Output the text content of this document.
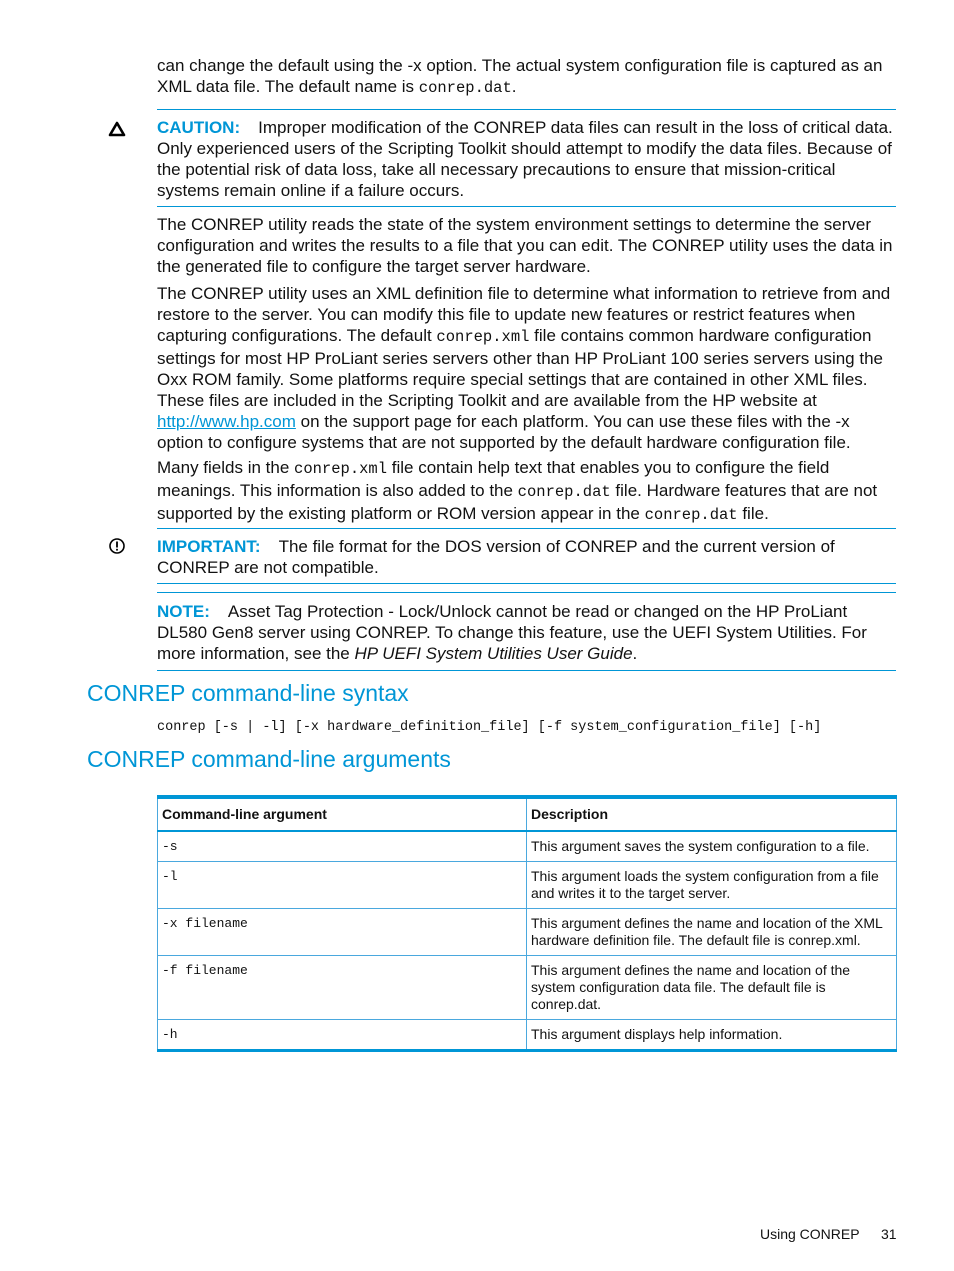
can change the default using the -x option. The actual system configuration file is captured as an XML data file. The default name is conrep.dat.
CAUTION: Improper modification of the CONREP data files can result in the loss of critical data. Only experienced users of the Scripting Toolkit should attempt to modify the data files. Because of the potential risk of data loss, take all necessary precautions to ensure that mission-critical systems remain online if a failure occurs.
The CONREP utility reads the state of the system environment settings to determine the server configuration and writes the results to a file that you can edit. The CONREP utility uses the data in the generated file to configure the target server hardware.
The CONREP utility uses an XML definition file to determine what information to retrieve from and restore to the server. You can modify this file to update new features or restrict features when capturing configurations. The default conrep.xml file contains common hardware configuration settings for most HP ProLiant series servers other than HP ProLiant 100 series servers using the Oxx ROM family. Some platforms require special settings that are contained in other XML files. These files are included in the Scripting Toolkit and are available from the HP website at http://www.hp.com on the support page for each platform. You can use these files with the -x option to configure systems that are not supported by the default hardware configuration file.
Many fields in the conrep.xml file contain help text that enables you to configure the field meanings. This information is also added to the conrep.dat file. Hardware features that are not supported by the existing platform or ROM version appear in the conrep.dat file.
IMPORTANT: The file format for the DOS version of CONREP and the current version of CONREP are not compatible.
NOTE: Asset Tag Protection - Lock/Unlock cannot be read or changed on the HP ProLiant DL580 Gen8 server using CONREP. To change this feature, use the UEFI System Utilities. For more information, see the HP UEFI System Utilities User Guide.
CONREP command-line syntax
conrep [-s | -l] [-x hardware_definition_file] [-f system_configuration_file] [-h]
CONREP command-line arguments
Command-line argument	Description
-s	This argument saves the system configuration to a file.
-l	This argument loads the system configuration from a file and writes it to the target server.
-x filename	This argument defines the name and location of the XML hardware definition file. The default file is conrep.xml.
-f filename	This argument defines the name and location of the system configuration data file. The default file is conrep.dat.
-h	This argument displays help information.
Using CONREP 31
